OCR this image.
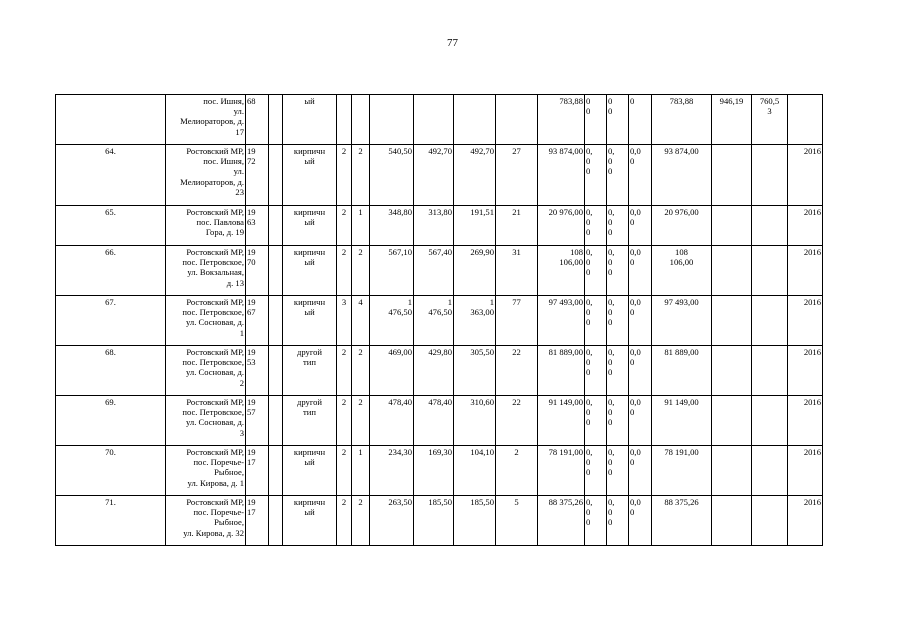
77
	пос. Ишня,
ул.
Мелиораторов, д.
17	68		ый							783,88	0
0	0
0	0	783,88	946,19	760,5
3	
64.	Ростовский МР,
пос. Ишня,
ул.
Мелиораторов, д.
23	19
72		кирпичн
ый	2	2	540,50	492,70	492,70	27	93 874,00	0,
0
0	0,
0
0	0,0
0	93 874,00			2016
65.	Ростовский МР,
пос. Павлова
Гора, д. 19	19
63		кирпичн
ый	2	1	348,80	313,80	191,51	21	20 976,00	0,
0
0	0,
0
0	0,0
0	20 976,00			2016
66.	Ростовский МР,
пос. Петровское,
ул. Вокзальная,
д. 13	19
70		кирпичн
ый	2	2	567,10	567,40	269,90	31	108
106,00	0,
0
0	0,
0
0	0,0
0	108
106,00			2016
67.	Ростовский МР,
пос. Петровское,
ул. Сосновая, д.
1	19
67		кирпичн
ый	3	4	1
476,50	1
476,50	1
363,00	77	97 493,00	0,
0
0	0,
0
0	0,0
0	97 493,00			2016
68.	Ростовский МР,
пос. Петровское,
ул. Сосновая, д.
2	19
53		другой
тип	2	2	469,00	429,80	305,50	22	81 889,00	0,
0
0	0,
0
0	0,0
0	81 889,00			2016
69.	Ростовский МР,
пос. Петровское,
ул. Сосновая, д.
3	19
57		другой
тип	2	2	478,40	478,40	310,60	22	91 149,00	0,
0
0	0,
0
0	0,0
0	91 149,00			2016
70.	Ростовский МР,
пос. Поречье-
Рыбное,
ул. Кирова, д. 1	19
17		кирпичн
ый	2	1	234,30	169,30	104,10	2	78 191,00	0,
0
0	0,
0
0	0,0
0	78 191,00			2016
71.	Ростовский МР,
пос. Поречье-
Рыбное,
ул. Кирова, д. 32	19
17		кирпичн
ый	2	2	263,50	185,50	185,50	5	88 375,26	0,
0
0	0,
0
0	0,0
0	88 375,26			2016
